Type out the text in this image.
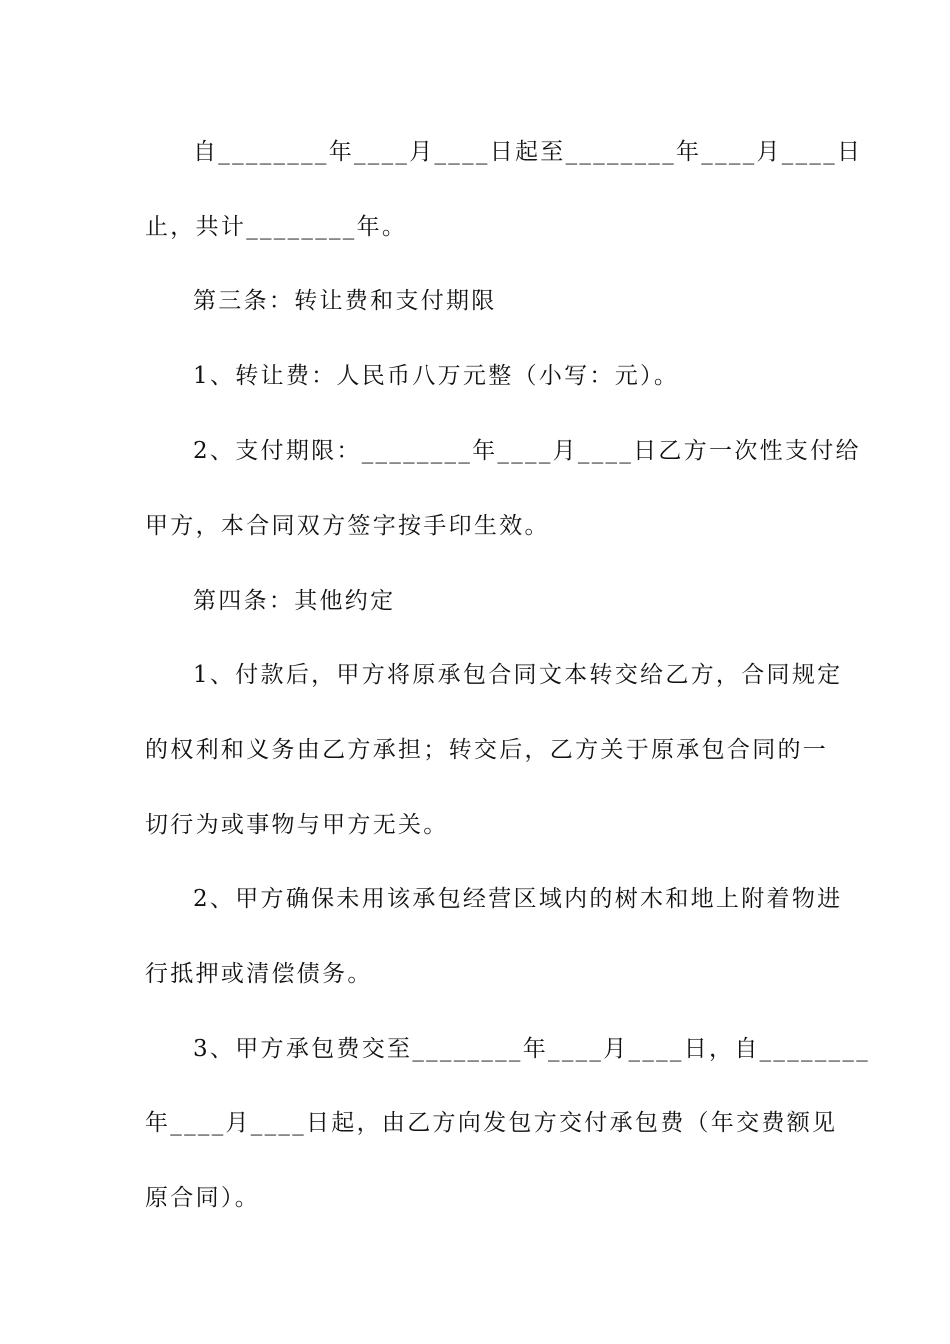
自________年____月____日起至________年____月____日
止，共计________年。
第三条：转让费和支付期限
1、转让费：人民币八万元整（小写：元）。
2、支付期限：________年____月____日乙方一次性支付给
甲方，本合同双方签字按手印生效。
第四条：其他约定
1、付款后，甲方将原承包合同文本转交给乙方，合同规定
的权利和义务由乙方承担；转交后，乙方关于原承包合同的一
切行为或事物与甲方无关。
2、甲方确保未用该承包经营区域内的树木和地上附着物进
行抵押或清偿债务。
3、甲方承包费交至________年____月____日，自________
年____月____日起，由乙方向发包方交付承包费（年交费额见
原合同）。
